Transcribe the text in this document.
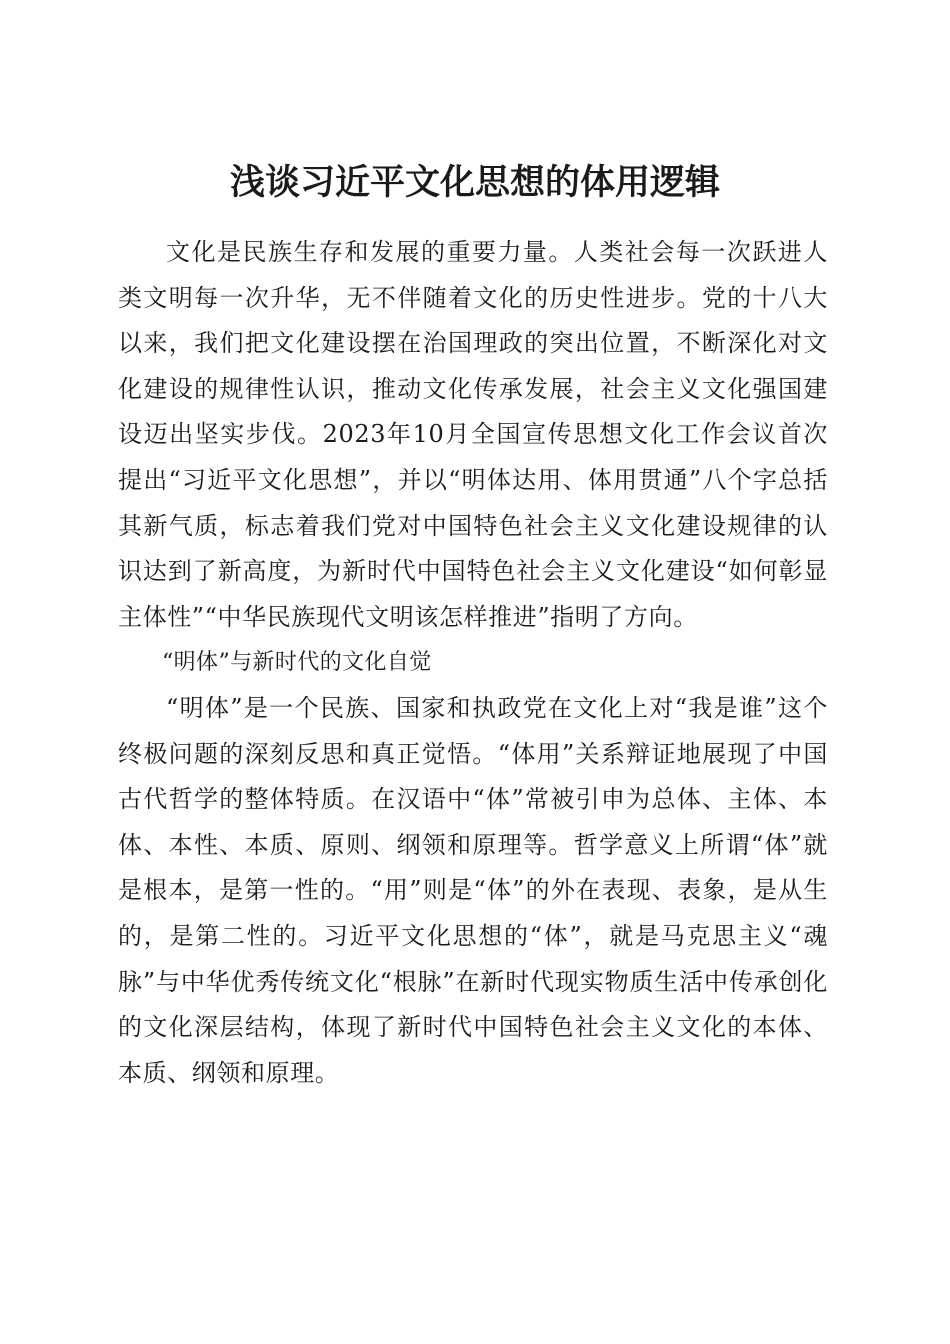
浅谈习近平文化思想的体用逻辑

文化是民族生存和发展的重要力量。人类社会每一次跃进人类文明每一次升华，无不伴随着文化的历史性进步。党的十八大以来，我们把文化建设摆在治国理政的突出位置，不断深化对文化建设的规律性认识，推动文化传承发展，社会主义文化强国建设迈出坚实步伐。2023年10月全国宣传思想文化工作会议首次提出“习近平文化思想”，并以“明体达用、体用贯通”八个字总括其新气质，标志着我们党对中国特色社会主义文化建设规律的认识达到了新高度，为新时代中国特色社会主义文化建设“如何彰显主体性”“中华民族现代文明该怎样推进”指明了方向。

“明体”与新时代的文化自觉

“明体”是一个民族、国家和执政党在文化上对“我是谁”这个终极问题的深刻反思和真正觉悟。“体用”关系辩证地展现了中国古代哲学的整体特质。在汉语中“体”常被引申为总体、主体、本体、本性、本质、原则、纲领和原理等。哲学意义上所谓“体”就是根本，是第一性的。“用”则是“体”的外在表现、表象，是从生的，是第二性的。习近平文化思想的“体”，就是马克思主义“魂脉”与中华优秀传统文化“根脉”在新时代现实物质生活中传承创化的文化深层结构，体现了新时代中国特色社会主义文化的本体、本质、纲领和原理。
